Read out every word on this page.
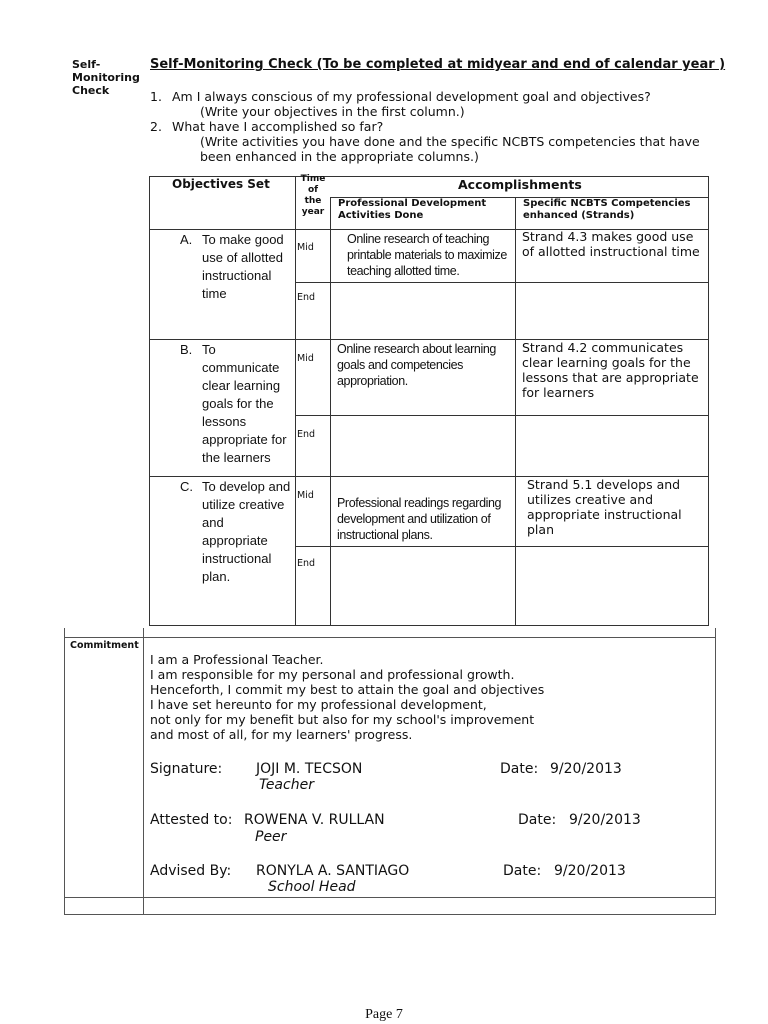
Self-Monitoring Check
Self-Monitoring Check (To be completed at midyear and end of calendar year )
1. Am I always conscious of my professional development goal and objectives?
(Write your objectives in the first column.)
2. What have I accomplished so far?
(Write activities you have done and the specific NCBTS competencies that have been enhanced in the appropriate columns.)
Objectives Set	Time of the year
Accomplishments
Professional Development Activities Done
Specific NCBTS Competencies enhanced (Strands)
A. To make good use of allotted instructional time
Mid
End
Online research of teaching printable materials to maximize teaching allotted time.
Strand 4.3 makes good use of allotted instructional time
B. To communicate clear learning goals for the lessons appropriate for the learners
Mid
End
Online research about learning goals and competencies appropriation.
Strand 4.2 communicates clear learning goals for the lessons that are appropriate for learners
C. To develop and utilize creative and appropriate instructional plan.
Mid
End
Professional readings regarding development and utilization of instructional plans.
Strand 5.1 develops and utilizes creative and appropriate instructional plan
Commitment
I am a Professional Teacher.
I am responsible for my personal and professional growth.
Henceforth, I commit my best to attain the goal and objectives
I have set hereunto for my professional development,
not only for my benefit but also for my school's improvement
and most of all, for my learners' progress.
Signature: JOJI M. TECSON
Teacher
Date: 9/20/2013
Attested to: ROWENA V. RULLAN
Peer
Date: 9/20/2013
Advised By: RONYLA A. SANTIAGO
School Head
Date: 9/20/2013
Page 7
